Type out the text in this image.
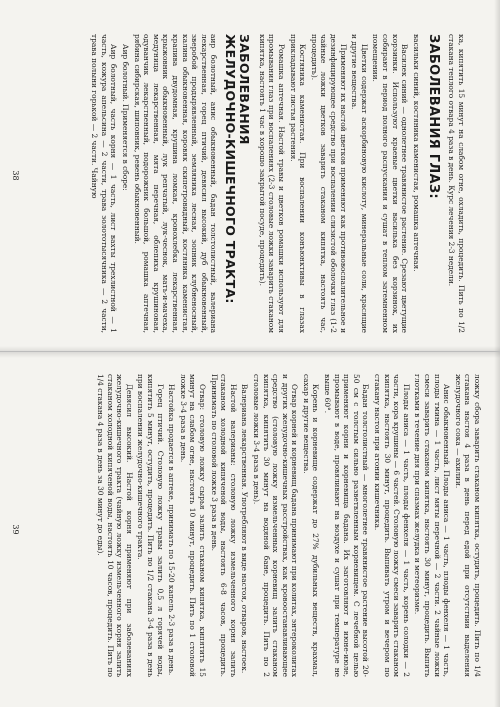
ка, кипятить 15 минут на слабом огне, охладить, процедить. Пить по 1/2 стакана теплого отвара 4 раза в день. Курс лечения 2-3 недели.

ЗАБОЛЕВАНИЯ ГЛАЗ:

васильки синий, костяника каменистая, ромашка аптечная.

Василек синий — однолетнее травянистое растение. Срезают цветущие корзинки. Используют краевые цветки василька без корзинок, их собирают в период полного распускания и сушат в теплом затемненном помещении.

Цветки содержат аскорбиновую кислоту, минеральные соли, красящие и другие вещества.

Применяют их настой цветков применяют как противовоспалительное и дезинфицирующее средство при воспалении слизистой оболочки глаз (1-2 чайные ложки цветков заварить стаканом кипятка, настоять час, процедить).

Костяника каменистая. При воспалении конъюнктивы в глазах прикладывают листья растения.

Ромашка аптечная. Настой травы и цветков ромашки используют для промывания глаз при воспалениях (2-3 столовые ложки заварить стаканом кипятка, настоять 1 час в хорошо закрытой посуде, процедить).

ЗАБОЛЕВАНИЯ
ЖЕЛУДОЧНО-КИШЕЧНОГО ТРАКТА:

аир болотный, анис обыкновенный, бадан толстолистный, валериана лекарственная, горец птичий, девясил высокий, дуб обыкновенный, зверобой продырявленный, земляника лесная, зопник клубненосный, калина обыкновенная, коровяк скипетровидный, костяника каменистая, крапива двудомная, крушина ломкая, кровохлебка лекарственная, крыжовник обыкновенный, лук репчатый, лук-чеснок, мать-и-мачеха, медуница лекарственная, мята перечная, облепиха крушиновая, одуванчик лекарственный, подорожник большой, ромашка аптечная, рябина сибирская, шиповник, ревень обыкновенный.

Аир болотный. Применяется в сборе:

Аир болотный, часть корня — 1 часть, лист вахты трехлистной — 1 часть, кожура апельсина — 2 части, трава золототысячника — 2 части, трава полыни горькой — 2 части. Чайную

38

ложку сбора заварить стаканом кипятка, остудить, процедить. Пить по 1/4 стакана настоя 4 раза в день перед едой при отсутствии выделения желудочного сока — ахилии.

Анис обыкновенный. Плоды аниса — 1 часть, плоды фенхеля — 1 часть, плоды тмина — 1 часть, лист мяты перечной — 2 части. 2 чайные ложки смеси заварить стаканом кипятка, настоять 30 минут, процедить. Выпить глотками в течение дня при спазмах желудка и метеоризме.

Плоды аниса — 1 часть, плоды фенхеля — 1 часть, корень солодки — 2 части, кора крушины — 6 частей. Столовую ложку смеси заварить стаканом кипятка, настоять 30 минут, процедить. Выпивать утром и вечером по стакану настоя при атонии кишечника.

Бадан толстолистный — многолетнее травянистое растение высотой 20-50 см с толстым сильно разветвленным корневищем. С лечебной целью применяют корни и корневища бадана. Их заготовляют в июне-июле, промывают в воде, провяливают на воздухе и сушат при температуре не выше 60°.

Корень и корневище содержат до 27% дубильных веществ, крахмал, сахар и другие вещества.

Отвар корней и корневищ бадана принимают при колитах, энтероколитах и других желудочно-кишечных расстройствах, как кровоостанавливающее средство (столовую ложку измельченных корневищ залить стаканом кипятка, кипятить 30 минут на водяной бане, процедить. Пить по 2 столовые ложки 3-4 раза в день).

Валериана лекарственная. Употребляют в виде настоя, отваров, настоек.

Настой валерианы: столовую ложку измельченного корня залить стаканом холодной кипяченой воды, настоять 6-8 часов, процедить. Принимать по столовой ложке 3 раза в день.

Отвар: столовую ложку сырья залить стаканом кипятка, кипятить 15 минут на слабом огне, настоять 10 минут, процедить. Пить по 1 столовой ложке 3-4 раза в день.

Настойка продается в аптеке, принимать по 15-20 капель 2-3 раза в день.

Горец птичий. Столовую ложку травы залить 0,5 л горячей воды, кипятить 5 минут, остудить, процедить. Пить по 1/2 стакана 3-4 раза в день при воспалении желудочно-кишечного тракта.

Девясил высокий. Настой корня применяют при заболеваниях желудочно-кишечного тракта (чайную ложку измельченного корня залить стаканом холодной кипяченой воды, настоять 10 часов, процедить. Пить по 1/4 стакана 4 раза в день за 30 минут до еды).

39
